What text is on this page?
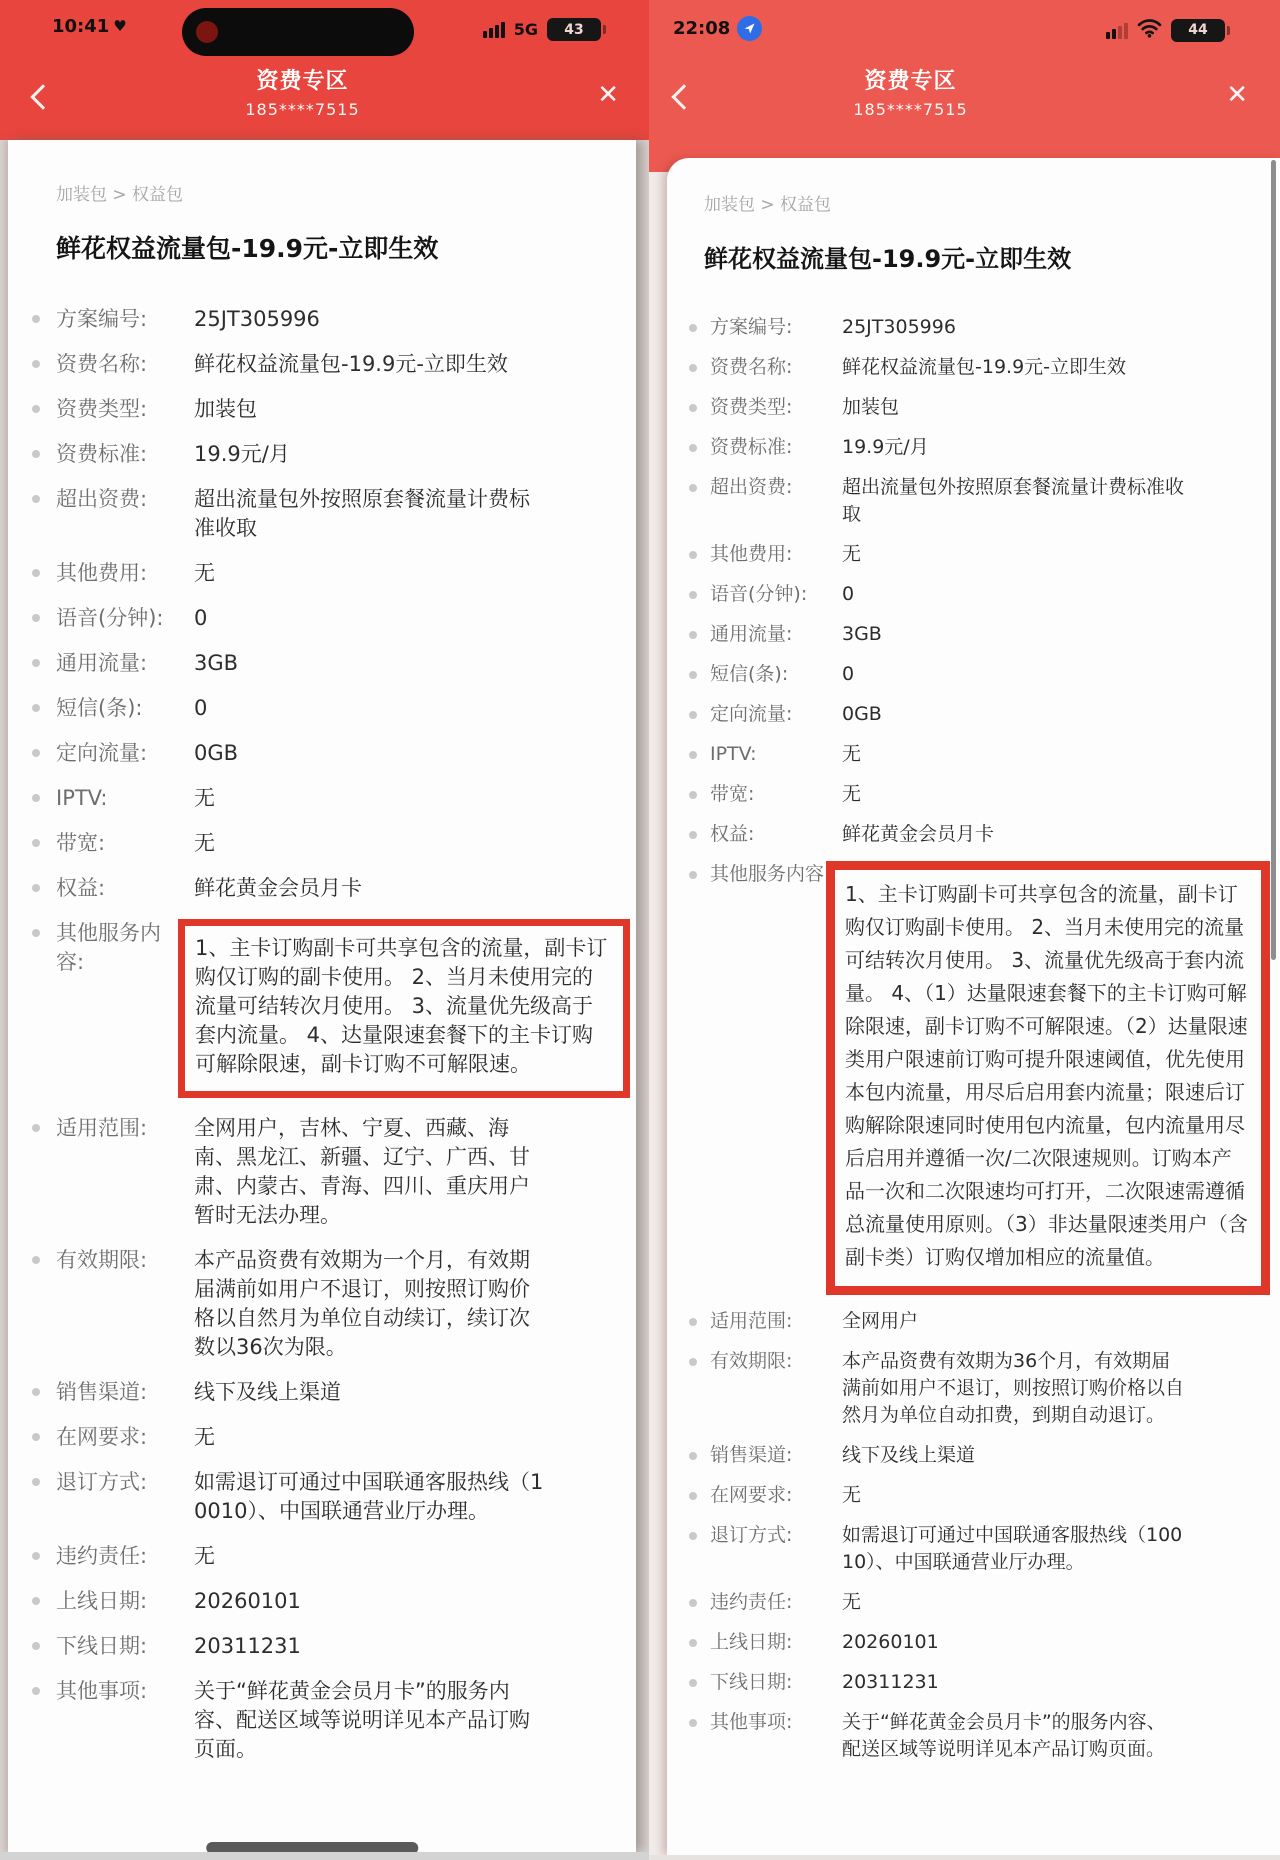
10:41 ♥	5G	43
资费专区
185****7515	✕
加装包 > 权益包
鲜花权益流量包-19.9元-立即生效
方案编号:	25JT305996
资费名称:	鲜花权益流量包-19.9元-立即生效
资费类型:	加装包
资费标准:	19.9元/月
超出资费:	超出流量包外按照原套餐流量计费标准收取
其他费用:	无
语音(分钟):	0
通用流量:	3GB
短信(条):	0
定向流量:	0GB
IPTV:	无
带宽:	无
权益:	鲜花黄金会员月卡
其他服务内容:
1、主卡订购副卡可共享包含的流量，副卡订购仅订购的副卡使用。 2、当月未使用完的流量可结转次月使用。 3、流量优先级高于套内流量。 4、达量限速套餐下的主卡订购可解除限速，副卡订购不可解限速。
适用范围:	全网用户，吉林、宁夏、西藏、海南、黑龙江、新疆、辽宁、广西、甘肃、内蒙古、青海、四川、重庆用户暂时无法办理。
有效期限:	本产品资费有效期为一个月，有效期届满前如用户不退订，则按照订购价格以自然月为单位自动续订，续订次数以36次为限。
销售渠道:	线下及线上渠道
在网要求:	无
退订方式:	如需退订可通过中国联通客服热线（10010）、中国联通营业厅办理。
违约责任:	无
上线日期:	20260101
下线日期:	20311231
其他事项:	关于“鲜花黄金会员月卡”的服务内容、配送区域等说明详见本产品订购页面。
22:08	44
资费专区
185****7515	✕
加装包 > 权益包
鲜花权益流量包-19.9元-立即生效
方案编号:	25JT305996
资费名称:	鲜花权益流量包-19.9元-立即生效
资费类型:	加装包
资费标准:	19.9元/月
超出资费:	超出流量包外按照原套餐流量计费标准收取
其他费用:	无
语音(分钟):	0
通用流量:	3GB
短信(条):	0
定向流量:	0GB
IPTV:	无
带宽:	无
权益:	鲜花黄金会员月卡
其他服务内容:
1、主卡订购副卡可共享包含的流量，副卡订购仅订购副卡使用。 2、当月未使用完的流量可结转次月使用。 3、流量优先级高于套内流量。 4、（1）达量限速套餐下的主卡订购可解除限速，副卡订购不可解限速。（2）达量限速类用户限速前订购可提升限速阈值，优先使用本包内流量，用尽后启用套内流量；限速后订购解除限速同时使用包内流量，包内流量用尽后启用并遵循一次/二次限速规则。订购本产品一次和二次限速均可打开，二次限速需遵循总流量使用原则。（3）非达量限速类用户（含副卡类）订购仅增加相应的流量值。
适用范围:	全网用户
有效期限:	本产品资费有效期为36个月，有效期届满前如用户不退订，则按照订购价格以自然月为单位自动扣费，到期自动退订。
销售渠道:	线下及线上渠道
在网要求:	无
退订方式:	如需退订可通过中国联通客服热线（10010）、中国联通营业厅办理。
违约责任:	无
上线日期:	20260101
下线日期:	20311231
其他事项:	关于“鲜花黄金会员月卡”的服务内容、配送区域等说明详见本产品订购页面。
